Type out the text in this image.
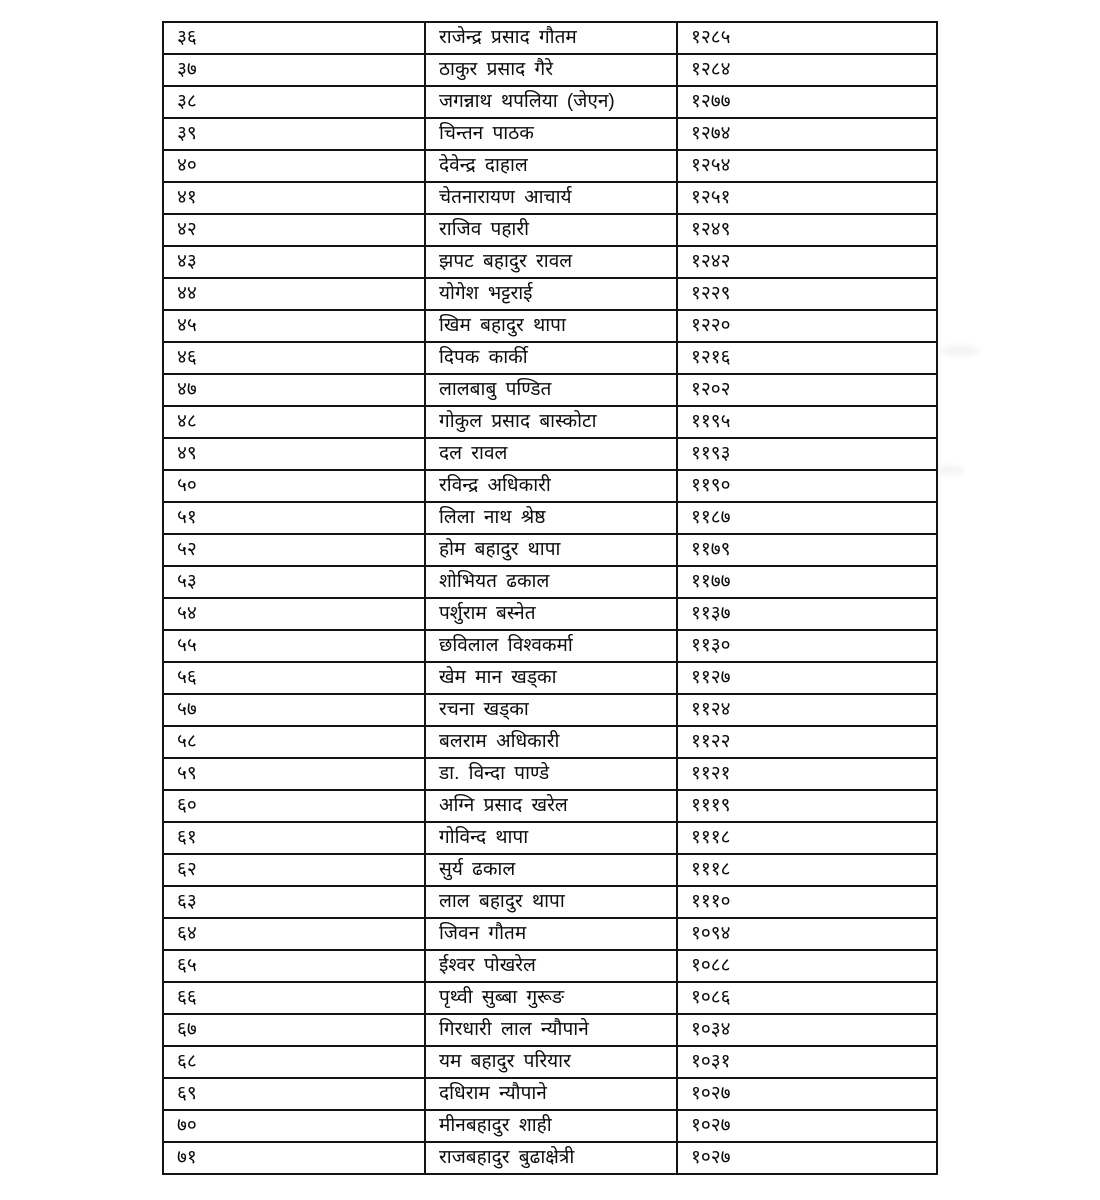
३६	राजेन्द्र प्रसाद गौतम	१२८५
३७	ठाकुर प्रसाद गैरे	१२८४
३८	जगन्नाथ थपलिया (जेएन)	१२७७
३९	चिन्तन पाठक	१२७४
४०	देवेन्द्र दाहाल	१२५४
४१	चेतनारायण आचार्य	१२५१
४२	राजिव पहारी	१२४९
४३	झपट बहादुर रावल	१२४२
४४	योगेश भट्टराई	१२२९
४५	खिम बहादुर थापा	१२२०
४६	दिपक कार्की	१२१६
४७	लालबाबु पण्डित	१२०२
४८	गोकुल प्रसाद बास्कोटा	११९५
४९	दल रावल	११९३
५०	रविन्द्र अधिकारी	११९०
५१	लिला नाथ श्रेष्ठ	११८७
५२	होम बहादुर थापा	११७९
५३	शोभियत ढकाल	११७७
५४	पर्शुराम बस्नेत	११३७
५५	छविलाल विश्वकर्मा	११३०
५६	खेम मान खड्का	११२७
५७	रचना खड्का	११२४
५८	बलराम अधिकारी	११२२
५९	डा. विन्दा पाण्डे	११२१
६०	अग्नि प्रसाद खरेल	१११९
६१	गोविन्द थापा	१११८
६२	सुर्य ढकाल	१११८
६३	लाल बहादुर थापा	१११०
६४	जिवन गौतम	१०९४
६५	ईश्वर पोखरेल	१०८८
६६	पृथ्वी सुब्बा गुरूङ	१०८६
६७	गिरधारी लाल न्यौपाने	१०३४
६८	यम बहादुर परियार	१०३१
६९	दधिराम न्यौपाने	१०२७
७०	मीनबहादुर शाही	१०२७
७१	राजबहादुर बुढाक्षेत्री	१०२७
